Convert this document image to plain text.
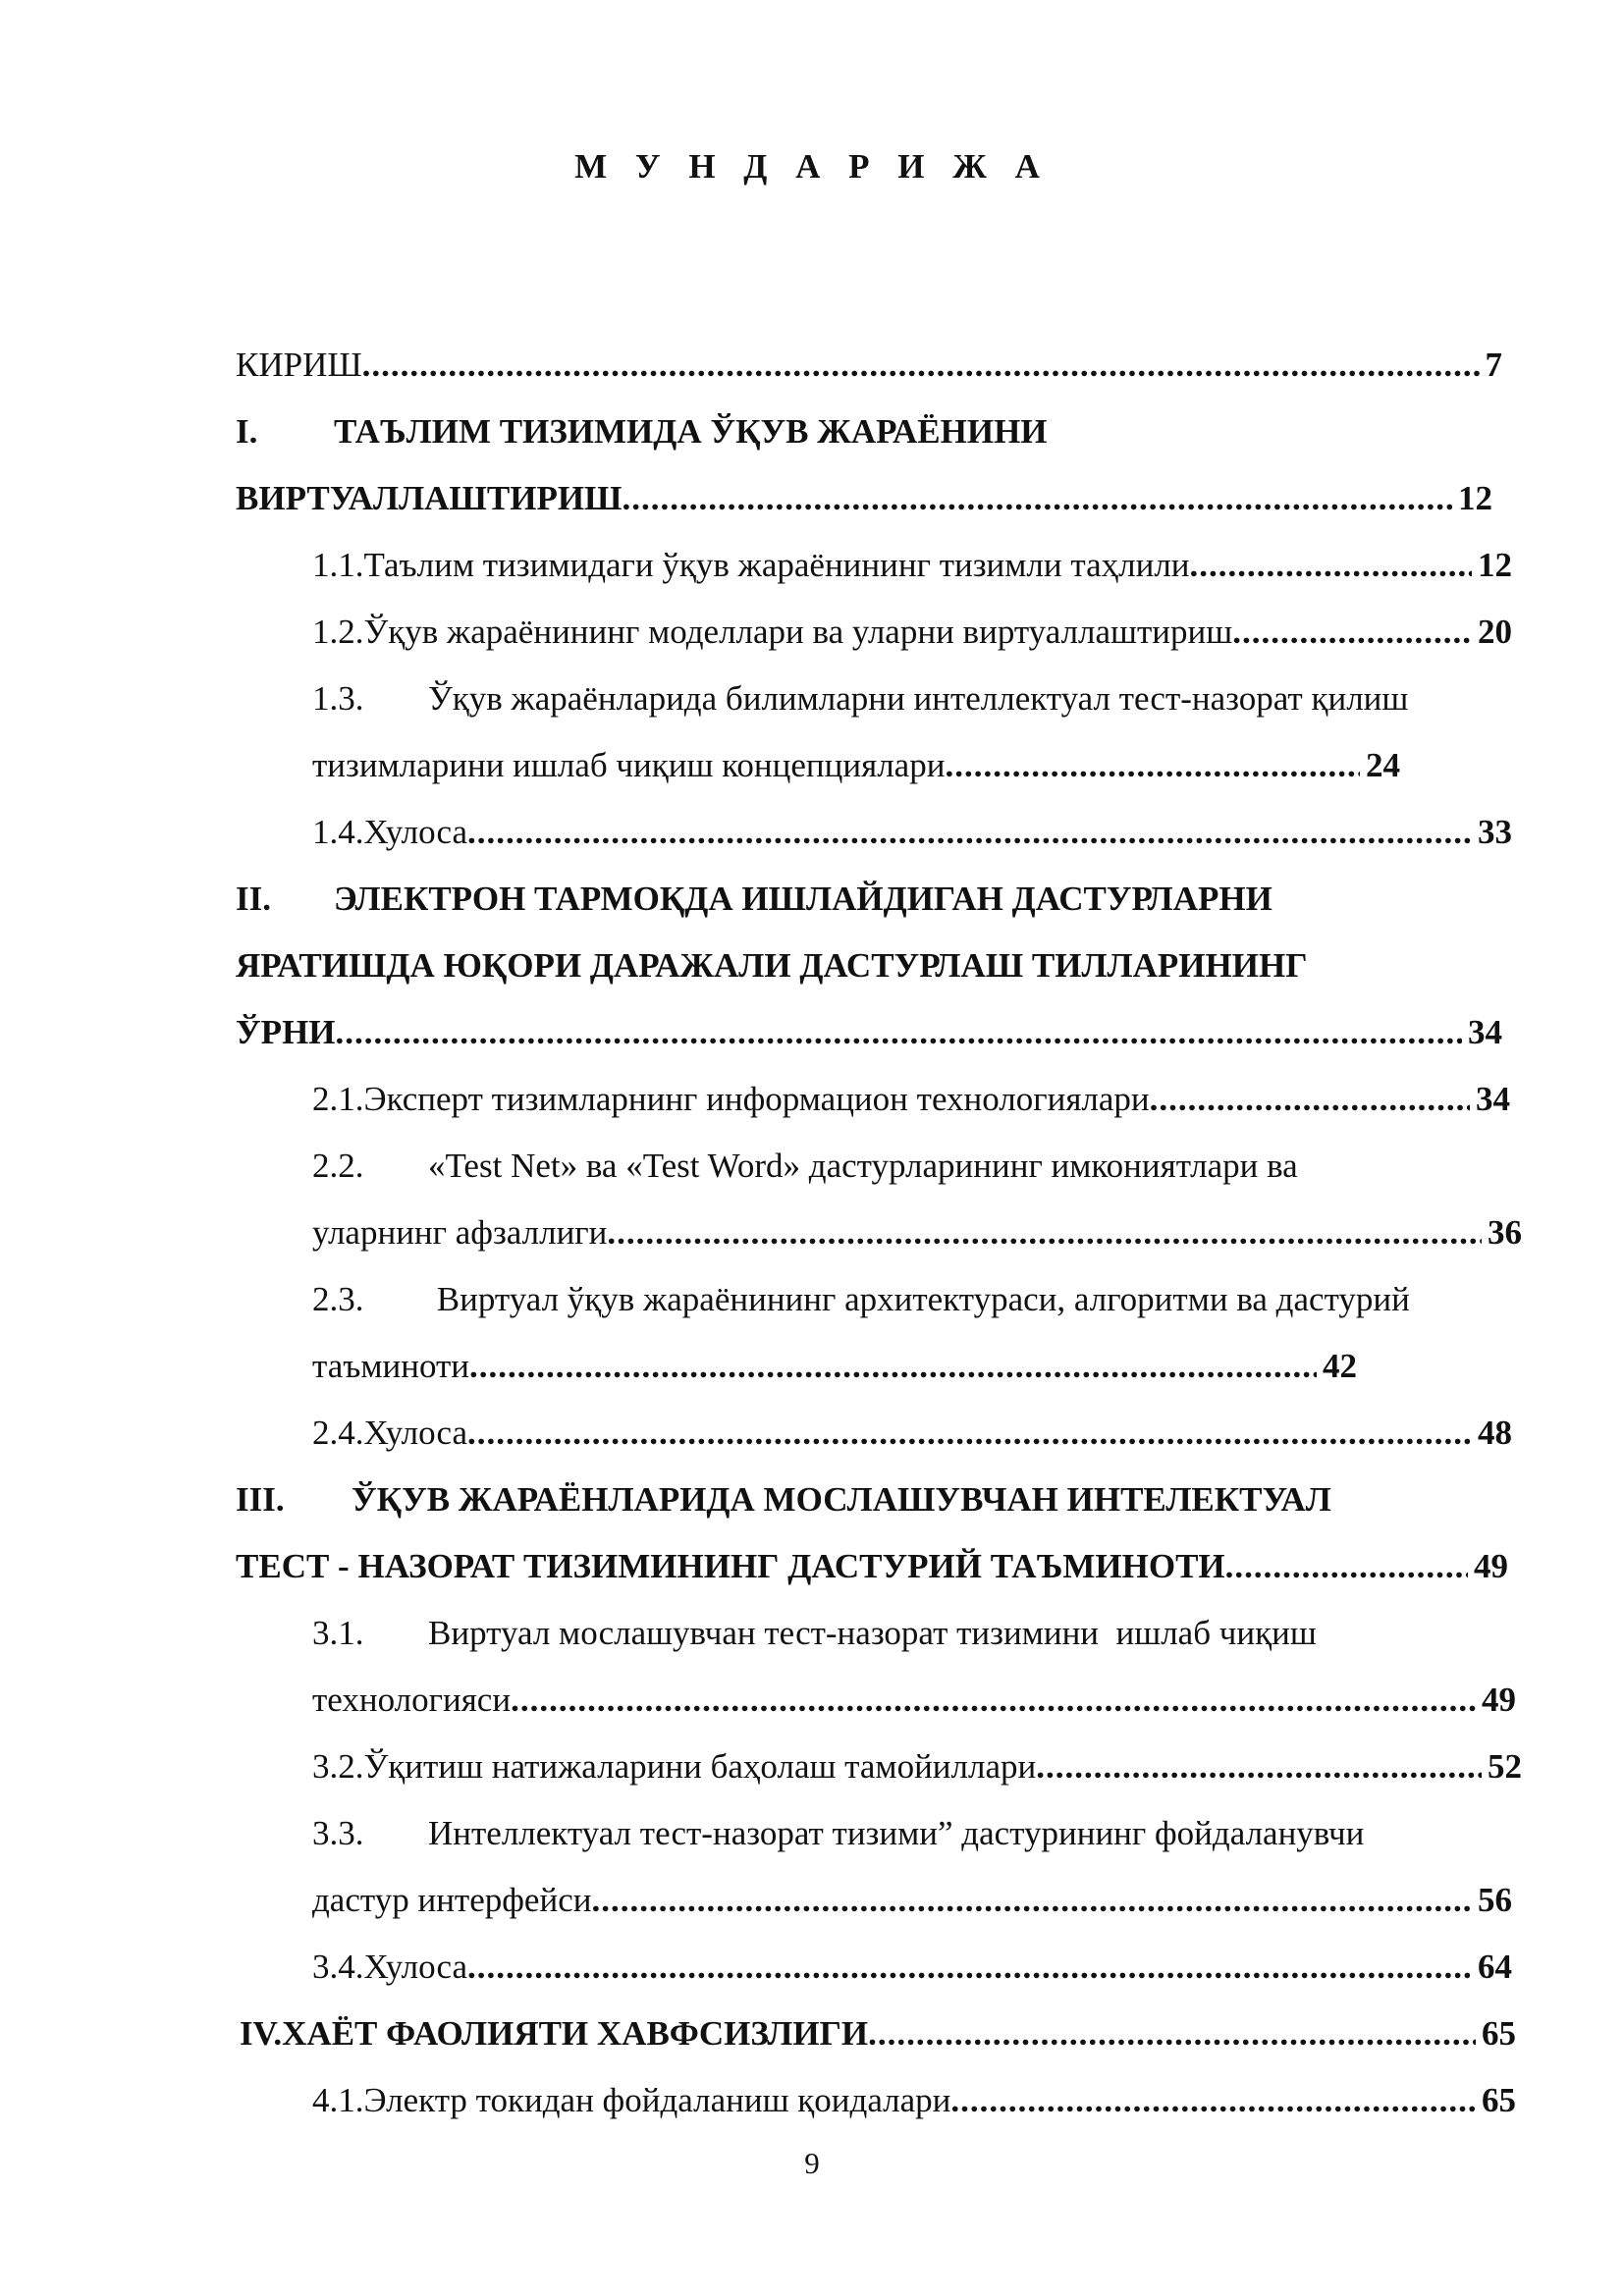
М У Н Д А Р И Ж А
КИРИШ .....	7
I.	ТАЪЛИМ ТИЗИМИДА ЎҚУВ ЖАРАЁНИНИ
ВИРТУАЛЛАШТИРИШ .....	12
1.1. Таълим тизимидаги ўқув жараёнининг тизимли таҳлили .....	12
1.2. Ўқув жараёнининг моделлари ва уларни виртуаллаштириш .....	20
1.3.	Ўқув жараёнларида билимларни интеллектуал тест-назорат қилиш
тизимларини ишлаб чиқиш концепциялари .....	24
1.4. Хулоса .....	33
II.	ЭЛЕКТРОН ТАРМОҚДА ИШЛАЙДИГАН ДАСТУРЛАРНИ
ЯРАТИШДА ЮҚОРИ ДАРАЖАЛИ ДАСТУРЛАШ ТИЛЛАРИНИНГ
ЎРНИ .....	34
2.1. Эксперт тизимларнинг информацион технологиялари .....	34
2.2.	«Test Net» ва «Test Word» дастурларининг имкониятлари ва
уларнинг афзаллиги .....	36
2.3.	Виртуал ўқув жараёнининг архитектураси, алгоритми ва дастурий
таъминоти .....	42
2.4. Хулоса .....	48
III.	ЎҚУВ ЖАРАЁНЛАРИДА МОСЛАШУВЧАН ИНТЕЛЕКТУАЛ
ТЕСТ - НАЗОРАТ ТИЗИМИНИНГ ДАСТУРИЙ ТАЪМИНОТИ .....	49
3.1.	Виртуал мослашувчан тест-назорат тизимини  ишлаб чиқиш
технологияси .....	49
3.2. Ўқитиш натижаларини баҳолаш тамойиллари .....	52
3.3.	Интеллектуал тест-назорат тизими” дастурининг фойдаланувчи
дастур интерфейси .....	56
3.4. Хулоса .....	64
IV. ХАЁТ ФАОЛИЯТИ ХАВФСИЗЛИГИ .....	65
4.1. Электр токидан фойдаланиш қоидалари .....	65
9
